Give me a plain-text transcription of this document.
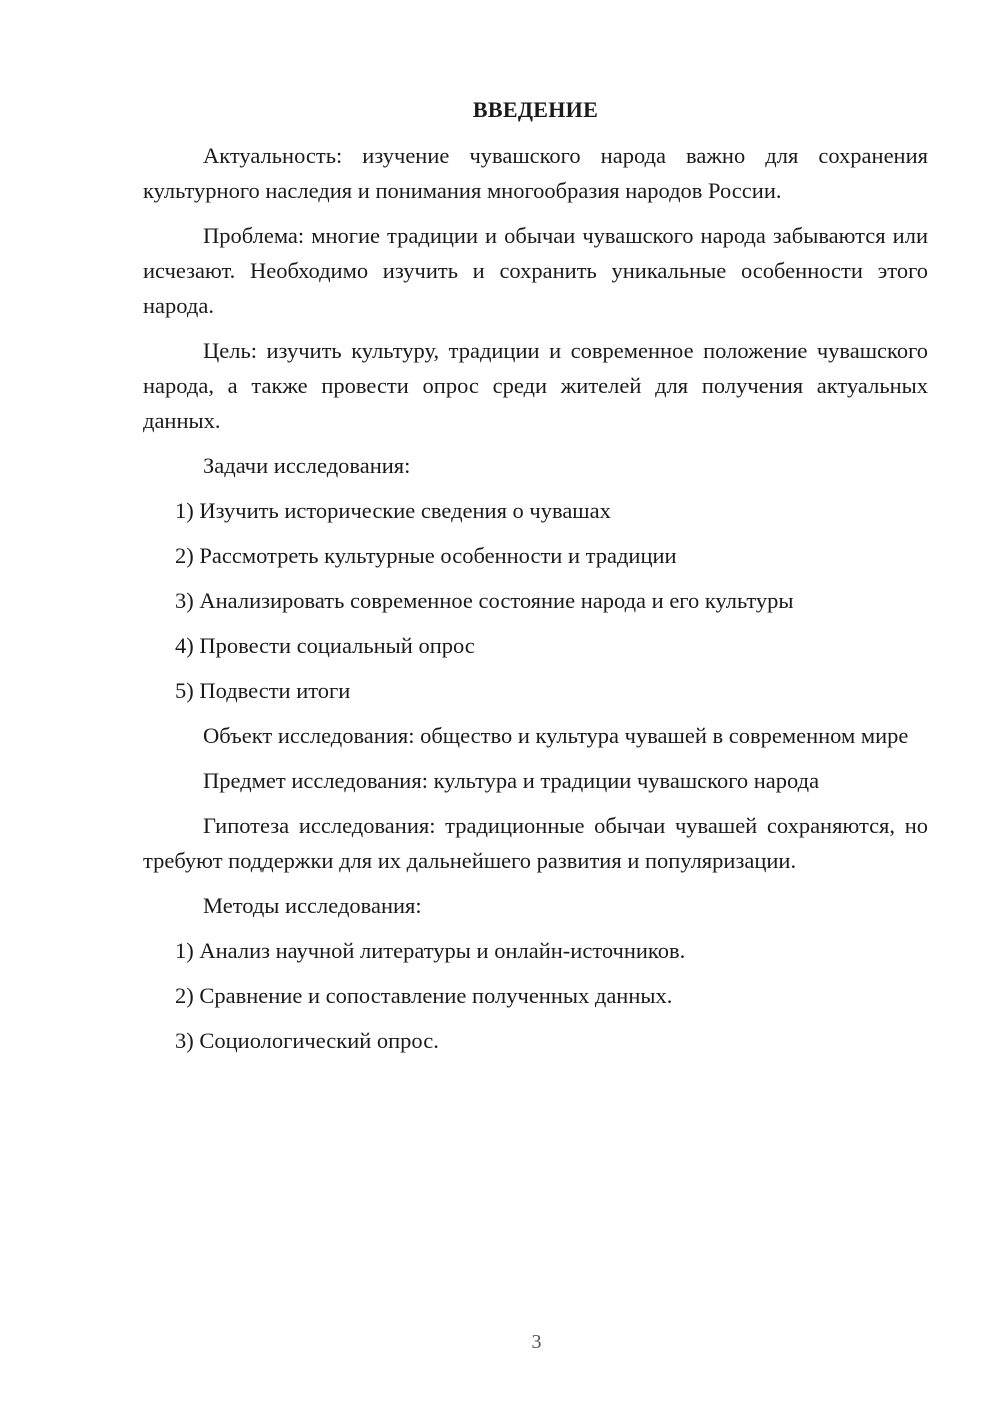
ВВЕДЕНИЕ

Актуальность: изучение чувашского народа важно для сохранения культурного наследия и понимания многообразия народов России.

Проблема: многие традиции и обычаи чувашского народа забываются или исчезают. Необходимо изучить и сохранить уникальные особенности этого народа.

Цель: изучить культуру, традиции и современное положение чувашского народа, а также провести опрос среди жителей для получения актуальных данных.

Задачи исследования:

1) Изучить исторические сведения о чувашах

2) Рассмотреть культурные особенности и традиции

3) Анализировать современное состояние народа и его культуры

4) Провести социальный опрос

5) Подвести итоги

Объект исследования: общество и культура чувашей в современном мире

Предмет исследования: культура и традиции чувашского народа

Гипотеза исследования: традиционные обычаи чувашей сохраняются, но требуют поддержки для их дальнейшего развития и популяризации.

Методы исследования:

1) Анализ научной литературы и онлайн-источников.

2) Сравнение и сопоставление полученных данных.

3) Социологический опрос.

3
